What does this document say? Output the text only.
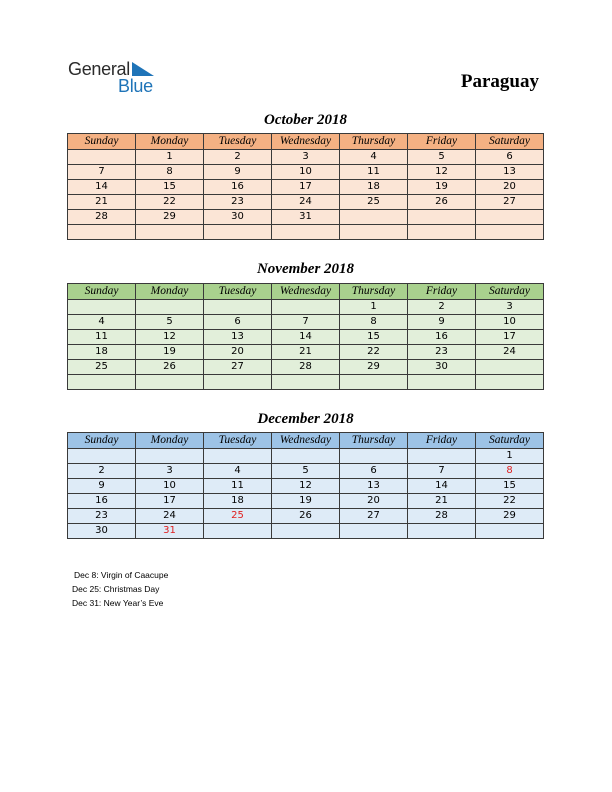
General
Blue	Paraguay
October 2018
Sunday	Monday	Tuesday	Wednesday	Thursday	Friday	Saturday
	1	2	3	4	5	6
7	8	9	10	11	12	13
14	15	16	17	18	19	20
21	22	23	24	25	26	27
28	29	30	31			

November 2018
Sunday	Monday	Tuesday	Wednesday	Thursday	Friday	Saturday
				1	2	3
4	5	6	7	8	9	10
11	12	13	14	15	16	17
18	19	20	21	22	23	24
25	26	27	28	29	30	

December 2018
Sunday	Monday	Tuesday	Wednesday	Thursday	Friday	Saturday
						1
2	3	4	5	6	7	8
9	10	11	12	13	14	15
16	17	18	19	20	21	22
23	24	25	26	27	28	29
30	31					
Dec 8: Virgin of Caacupe
Dec 25: Christmas Day
Dec 31: New Year’s Eve
